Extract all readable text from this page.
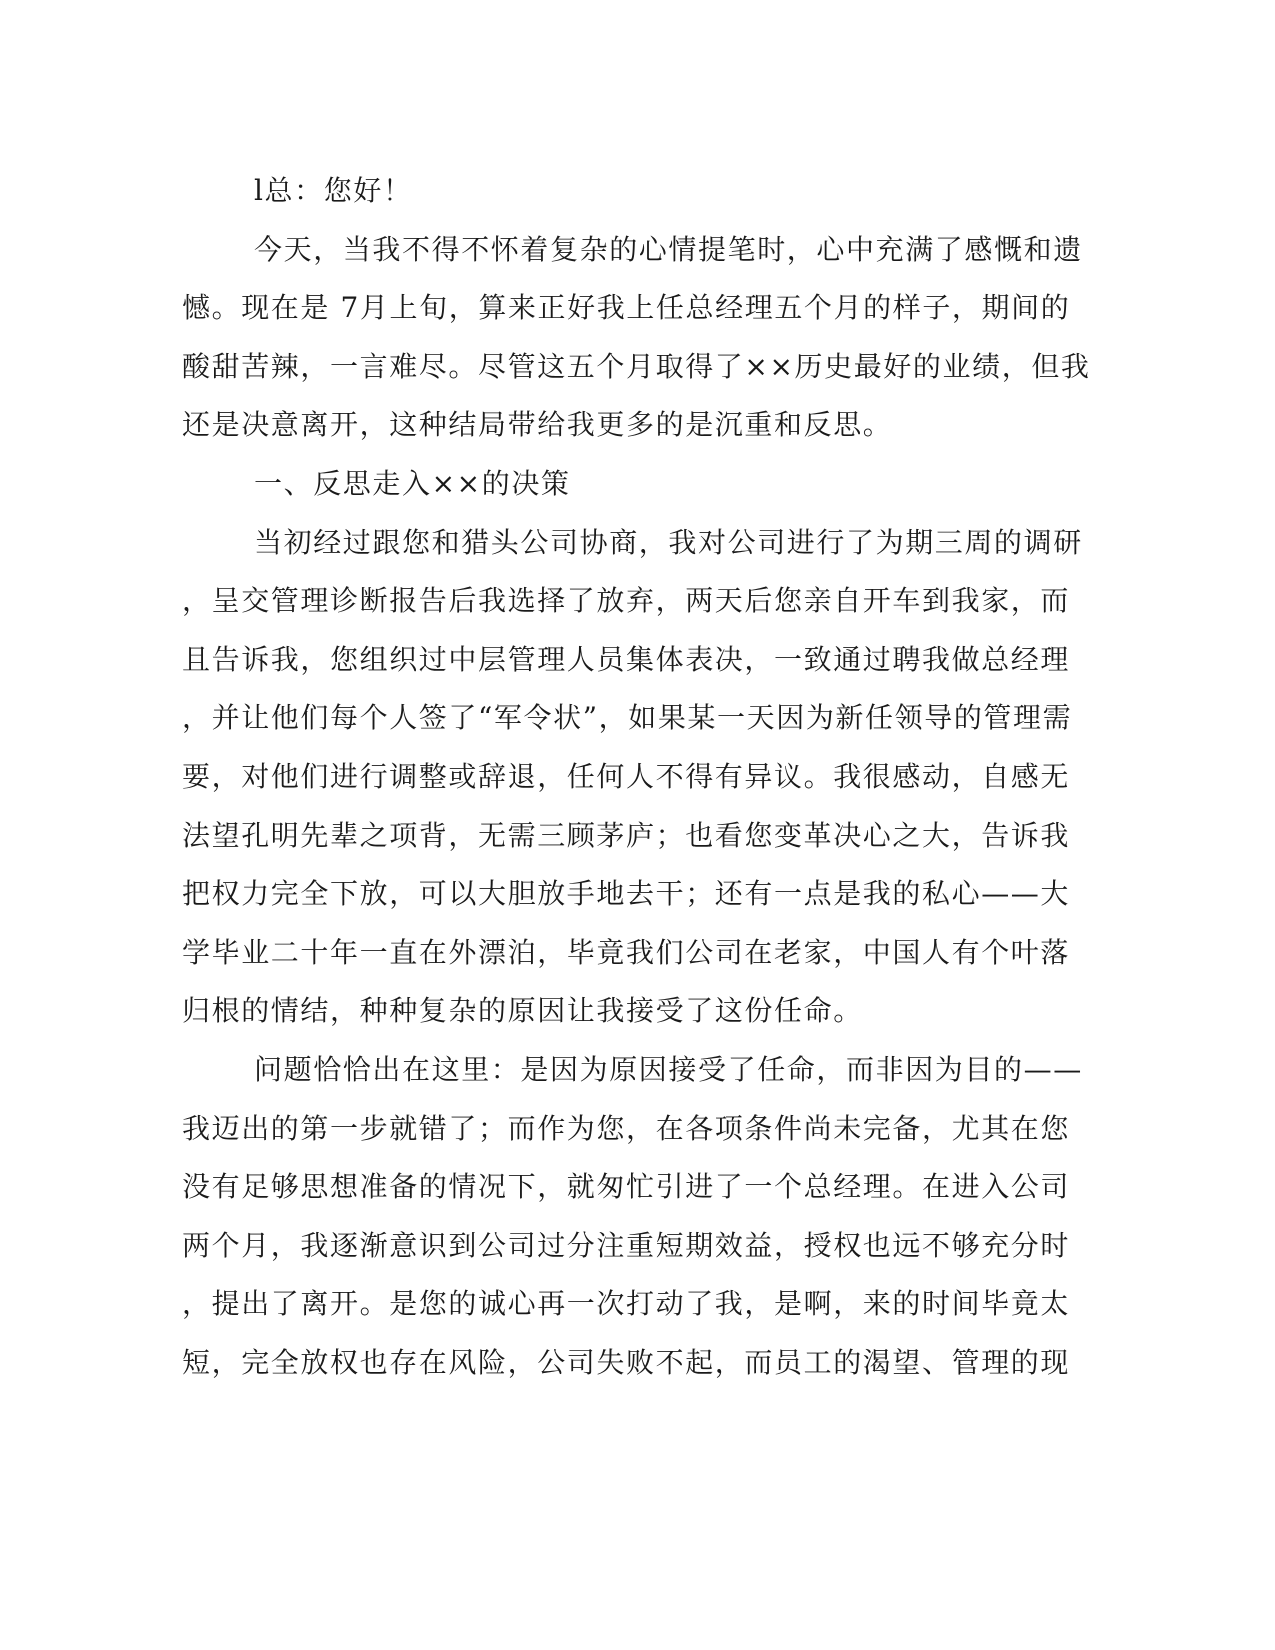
l总：您好！
今天，当我不得不怀着复杂的心情提笔时，心中充满了感慨和遗
憾。现在是 7月上旬，算来正好我上任总经理五个月的样子，期间的
酸甜苦辣，一言难尽。尽管这五个月取得了××历史最好的业绩，但我
还是决意离开，这种结局带给我更多的是沉重和反思。
一、反思走入××的决策
当初经过跟您和猎头公司协商，我对公司进行了为期三周的调研
，呈交管理诊断报告后我选择了放弃，两天后您亲自开车到我家，而
且告诉我，您组织过中层管理人员集体表决，一致通过聘我做总经理
，并让他们每个人签了“军令状”，如果某一天因为新任领导的管理需
要，对他们进行调整或辞退，任何人不得有异议。我很感动，自感无
法望孔明先辈之项背，无需三顾茅庐；也看您变革决心之大，告诉我
把权力完全下放，可以大胆放手地去干；还有一点是我的私心——大
学毕业二十年一直在外漂泊，毕竟我们公司在老家，中国人有个叶落
归根的情结，种种复杂的原因让我接受了这份任命。
问题恰恰出在这里：是因为原因接受了任命，而非因为目的——
我迈出的第一步就错了；而作为您，在各项条件尚未完备，尤其在您
没有足够思想准备的情况下，就匆忙引进了一个总经理。在进入公司
两个月，我逐渐意识到公司过分注重短期效益，授权也远不够充分时
，提出了离开。是您的诚心再一次打动了我，是啊，来的时间毕竟太
短，完全放权也存在风险，公司失败不起，而员工的渴望、管理的现
